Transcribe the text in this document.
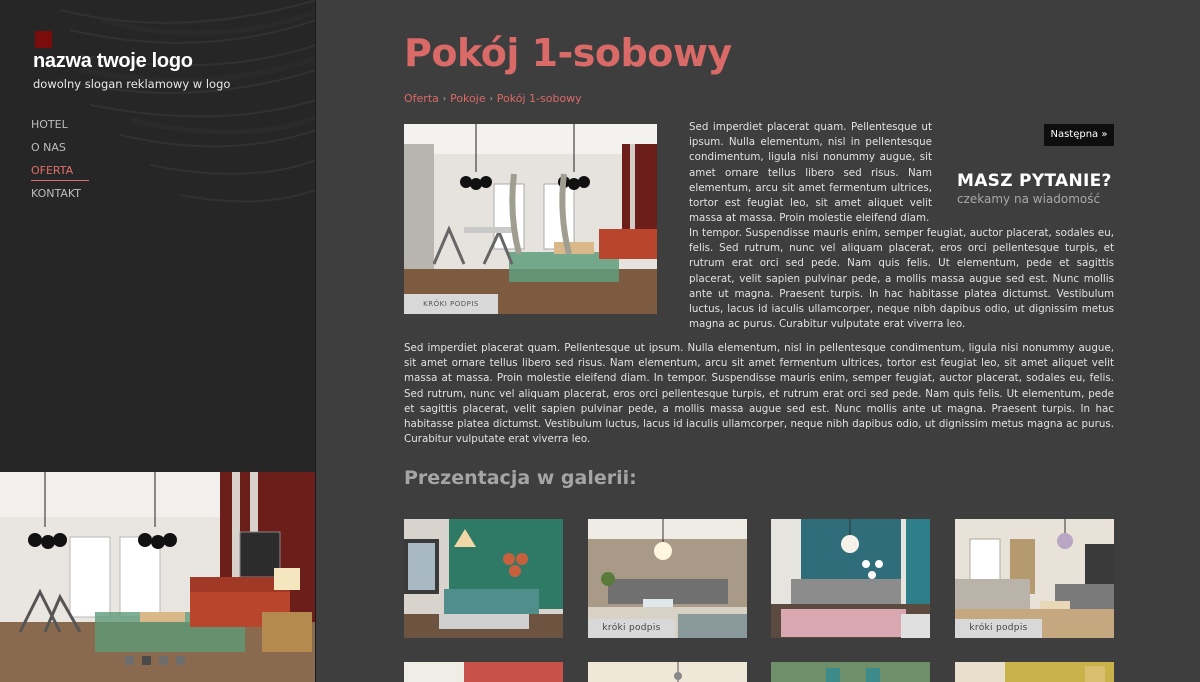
nazwa twoje logo
dowolny slogan reklamowy w logo
HOTEL
O NAS
OFERTA
KONTAKT
Pokój 1-sobowy
Oferta › Pokoje › Pokój 1-sobowy
KRÓKI PODPIS

Sed imperdiet placerat quam. Pellentesque ut ipsum. Nulla elementum, nisl in pellentesque condimentum, ligula nisi nonummy augue, sit amet ornare tellus libero sed risus. Nam elementum, arcu sit amet fermentum ultrices, tortor est feugiat leo, sit amet aliquet velit massa at massa. Proin molestie eleifend diam.

In tempor. Suspendisse mauris enim, semper feugiat, auctor placerat, sodales eu, felis. Sed rutrum, nunc vel aliquam placerat, eros orci pellentesque turpis, et rutrum erat orci sed pede. Nam quis felis. Ut elementum, pede et sagittis placerat, velit sapien pulvinar pede, a mollis massa augue sed est. Nunc mollis ante ut magna. Praesent turpis. In hac habitasse platea dictumst. Vestibulum luctus, lacus id iaculis ullamcorper, neque nibh dapibus odio, ut dignissim metus magna ac purus. Curabitur vulputate erat viverra leo.

Następna »
MASZ PYTANIE?
czekamy na wiadomość

Sed imperdiet placerat quam. Pellentesque ut ipsum. Nulla elementum, nisl in pellentesque condimentum, ligula nisi nonummy augue, sit amet ornare tellus libero sed risus. Nam elementum, arcu sit amet fermentum ultrices, tortor est feugiat leo, sit amet aliquet velit massa at massa. Proin molestie eleifend diam. In tempor. Suspendisse mauris enim, semper feugiat, auctor placerat, sodales eu, felis. Sed rutrum, nunc vel aliquam placerat, eros orci pellentesque turpis, et rutrum erat orci sed pede. Nam quis felis. Ut elementum, pede et sagittis placerat, velit sapien pulvinar pede, a mollis massa augue sed est. Nunc mollis ante ut magna. Praesent turpis. In hac habitasse platea dictumst. Vestibulum luctus, lacus id iaculis ullamcorper, neque nibh dapibus odio, ut dignissim metus magna ac purus. Curabitur vulputate erat viverra leo.

Prezentacja w galerii:
króki podpis	króki podpis
